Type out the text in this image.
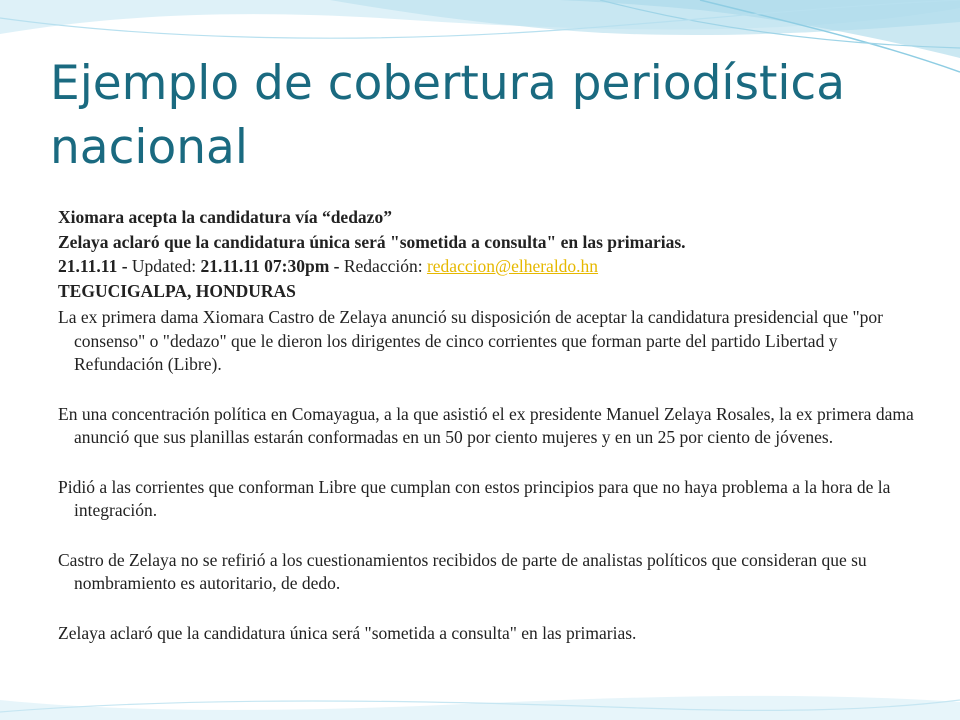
Ejemplo de cobertura periodística nacional
Xiomara acepta la candidatura vía “dedazo”
Zelaya aclaró que la candidatura única será "sometida a consulta" en las primarias.
21.11.11 - Updated: 21.11.11 07:30pm - Redacción: redaccion@elheraldo.hn
TEGUCIGALPA, HONDURAS

La ex primera dama Xiomara Castro de Zelaya anunció su disposición de aceptar la candidatura presidencial que "por consenso" o "dedazo" que le dieron los dirigentes de cinco corrientes que forman parte del partido Libertad y Refundación (Libre).

En una concentración política en Comayagua, a la que asistió el ex presidente Manuel Zelaya Rosales, la ex primera dama anunció que sus planillas estarán conformadas en un 50 por ciento mujeres y en un 25 por ciento de jóvenes.

Pidió a las corrientes que conforman Libre que cumplan con estos principios para que no haya problema a la hora de la integración.

Castro de Zelaya no se refirió a los cuestionamientos recibidos de parte de analistas políticos que consideran que su nombramiento es autoritario, de dedo.

Zelaya aclaró que la candidatura única será "sometida a consulta" en las primarias.
